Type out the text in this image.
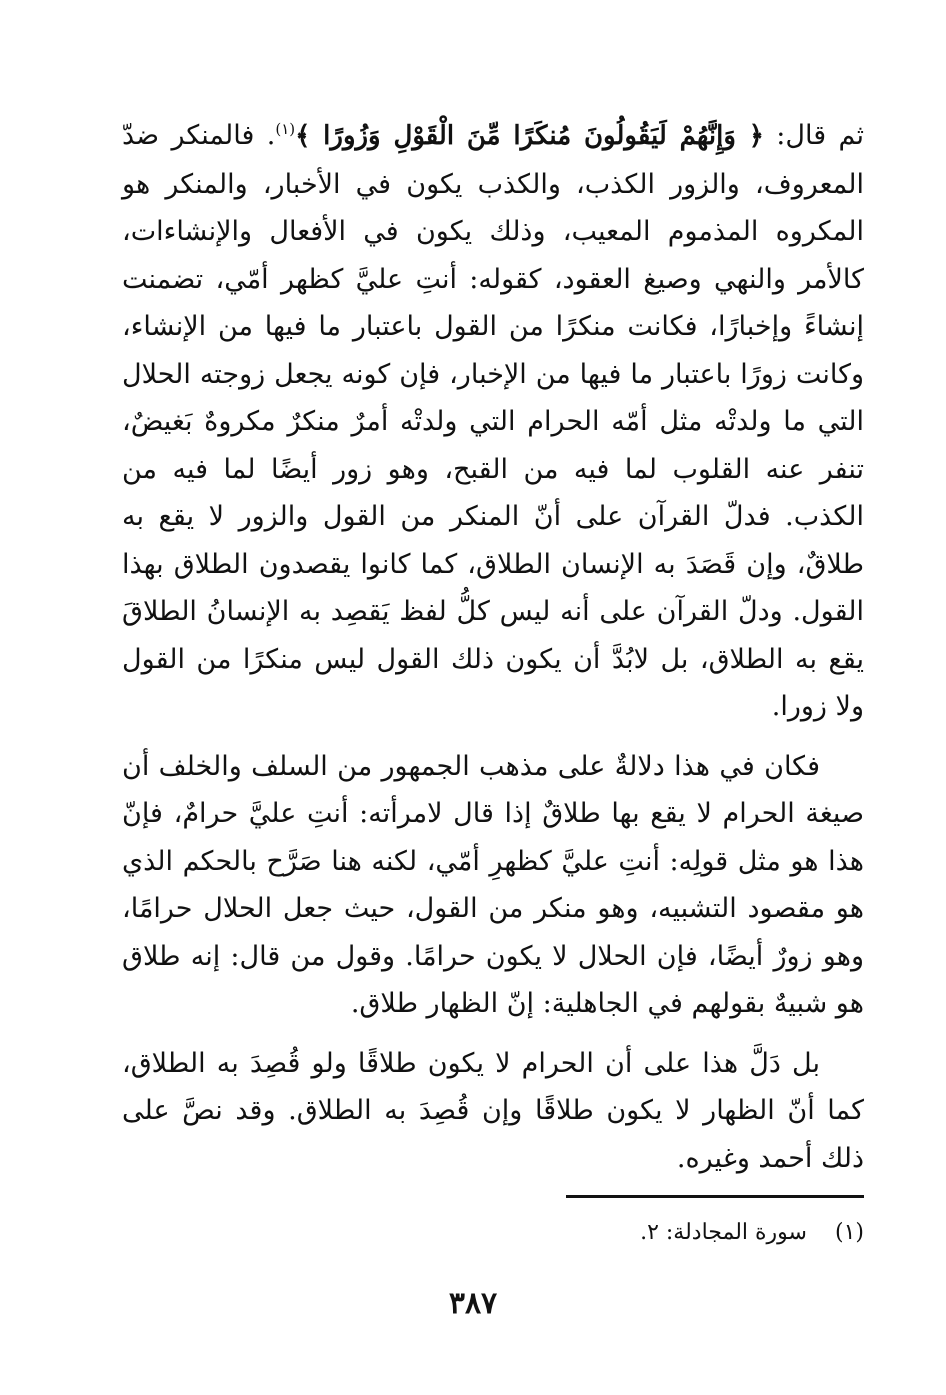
ثم قال: ﴿ وَإِنَّهُمْ لَيَقُولُونَ مُنكَرًا مِّنَ الْقَوْلِ وَزُورًا ﴾$^{(١)}$. فالمنكر ضدّ المعروف، والزور الكذب، والكذب يكون في الأخبار، والمنكر هو المكروه المذموم المعيب، وذلك يكون في الأفعال والإنشاءات، كالأمر والنهي وصيغ العقود، كقوله: أنتِ عليَّ كظهر أمّي، تضمنت إنشاءً وإخبارًا، فكانت منكرًا من القول باعتبار ما فيها من الإنشاء، وكانت زورًا باعتبار ما فيها من الإخبار، فإن كونه يجعل زوجته الحلال التي ما ولدتْه مثل أمّه الحرام التي ولدتْه أمرٌ منكرٌ مكروهٌ بَغيضٌ، تنفر عنه القلوب لما فيه من القبح، وهو زور أيضًا لما فيه من الكذب. فدلّ القرآن على أنّ المنكر من القول والزور لا يقع به طلاقٌ، وإن قَصَدَ به الإنسان الطلاق، كما كانوا يقصدون الطلاق بهذا القول. ودلّ القرآن على أنه ليس كلُّ لفظ يَقصِد به الإنسانُ الطلاقَ يقع به الطلاق، بل لابُدَّ أن يكون ذلك القول ليس منكرًا من القول ولا زورا.

فكان في هذا دلالةٌ على مذهب الجمهور من السلف والخلف أن صيغة الحرام لا يقع بها طلاقٌ إذا قال لامرأته: أنتِ عليَّ حرامٌ، فإنّ هذا هو مثل قولِه: أنتِ عليَّ كظهرِ أمّي، لكنه هنا صَرَّح بالحكم الذي هو مقصود التشبيه، وهو منكر من القول، حيث جعل الحلال حرامًا، وهو زورٌ أيضًا، فإن الحلال لا يكون حرامًا. وقول من قال: إنه طلاق هو شبيهٌ بقولهم في الجاهلية: إنّ الظهار طلاق.

بل دَلَّ هذا على أن الحرام لا يكون طلاقًا ولو قُصِدَ به الطلاق، كما أنّ الظهار لا يكون طلاقًا وإن قُصِدَ به الطلاق. وقد نصَّ على ذلك أحمد وغيره.

(١)    سورة المجادلة: ٢.
٣٨٧
